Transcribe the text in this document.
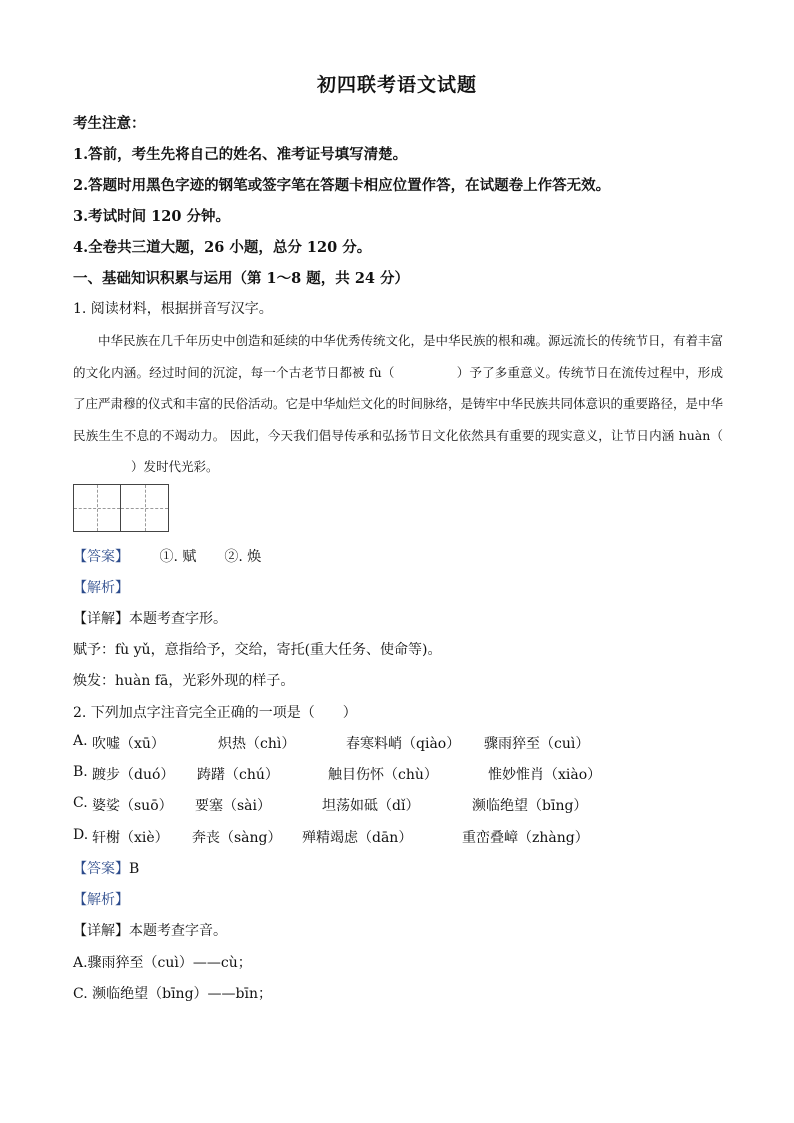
初四联考语文试题
考生注意：
1.答前，考生先将自己的姓名、准考证号填写清楚。
2.答题时用黑色字迹的钢笔或签字笔在答题卡相应位置作答，在试题卷上作答无效。
3.考试时间 120 分钟。
4.全卷共三道大题，26 小题，总分 120 分。
一、基础知识积累与运用（第 1～8 题，共 24 分）
1. 阅读材料，根据拼音写汉字。
中华民族在几千年历史中创造和延续的中华优秀传统文化，是中华民族的根和魂。源远流长的传统节日，有着丰富的文化内涵。经过时间的沉淀，每一个古老节日都被 fù（	）予了多重意义。传统节日在流传过程中，形成了庄严肃穆的仪式和丰富的民俗活动。它是中华灿烂文化的时间脉络，是铸牢中华民族共同体意识的重要路径，是中华民族生生不息的不竭动力。 因此，今天我们倡导传承和弘扬节日文化依然具有重要的现实意义，让节日内涵 huàn（）发时代光彩。
【答案】 ①. 赋　　②. 焕
【解析】
【详解】本题考查字形。
赋予：fù yǔ，意指给予，交给，寄托(重大任务、使命等)。
焕发：huàn fā，光彩外现的样子。
2. 下列加点字注音完全正确的一项是（　　）
A. 吹嘘（xū）	炽热（chì）	春寒料峭（qiào） 骤雨猝至（cuì）
B. 踱步（duó） 踌躇（chú）	触目伤怀（chù）	惟妙惟肖（xiào）
C. 婆娑（suō） 要塞（sài）	坦荡如砥（dǐ）	濒临绝望（bīng）
D. 轩榭（xiè） 奔丧（sàng） 殚精竭虑（dān）	重峦叠嶂（zhàng）
【答案】B
【解析】
【详解】本题考查字音。
A.骤雨猝至（cuì）——cù；
C. 濒临绝望（bīng）——bīn；
